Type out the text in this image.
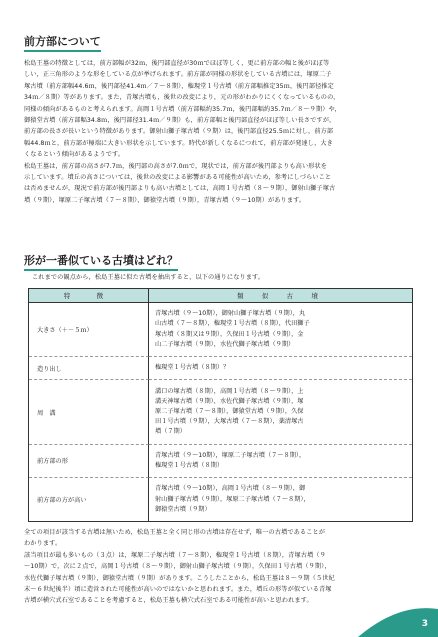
前方部について
松島王墓の特徴としては，前方部幅が32ｍ，後円部直径が30ｍでほぼ等しく，更に前方部の幅と後がほぼ等
しい，正三角形のような形をしている点が挙げられます。前方部が同様の形状をしている古墳には，塚原二子
塚古墳（前方部幅44.6ｍ，後円部径41.4ｍ／７～８期），権現堂１号古墳（前方部幅推定35ｍ，後円部径推定
34ｍ／８期）等があります。また，青塚古墳も，後世の改変により，元の形がわかりにくくなっているものの，
同様の傾向があるものと考えられます。高岡１号古墳（前方部幅約35.7ｍ，後円部幅約35.7ｍ／８～９期）や，
御猿堂古墳（前方部幅34.8ｍ，後円部径31.4ｍ／９期）も，前方部幅と後円部直径がほぼ等しい長さですが，
前方部の長さが長いという特徴があります。御射山獅子塚古墳（９期）は，後円部直径25.5ｍに対し，前方部
幅44.8ｍと，前方部が極端に大きい形状を示しています。時代が新しくなるにつれて，前方部が発達し，大き
くなるという傾向があるようです。
松島王墓は，前方部の高さが7.7ｍ，後円部の高さが7.0ｍで，現状では，前方部が後円部よりも高い形状を
示しています。墳丘の高さについては，後世の改変による影響がある可能性が高いため，参考にしづらいこと
は否めませんが，現況で前方部が後円部よりも高い古墳としては，高岡１号古墳（８～９期），御射山獅子塚古
墳（９期），塚原二子塚古墳（７～８期），御猿堂古墳（９期），青塚古墳（９～10期）があります。
形が一番似ている古墳はどれ？
これまでの観点から，松島王墓に似た古墳を抽出すると，以下の通りになります。
特　徴	類　似　古　墳
大きさ（＋－５ｍ）
青塚古墳（９～10期），御射山獅子塚古墳（９期），丸
山古墳（７～８期），権現堂１号古墳（８期），代田獅子
塚古墳（８期又は９期），久保田１号古墳（９期），金
山二子塚古墳（９期），水佐代獅子塚古墳（９期）
造り出し	権現堂１号古墳（８期）？
周　溝
溝口の塚古墳（８期），高岡１号古墳（８～９期），上
溝天神塚古墳（９期），水佐代獅子塚古墳（９期），塚
原二子塚古墳（７～８期），御猿堂古墳（９期），久保
田１号古墳（９期），大塚古墳（７～８期），薬清塚古
墳（７期）
前方部の形
青塚古墳（９～10期），塚原二子塚古墳（７～８期），
権現堂１号古墳（８期）
前方部の方が高い
青塚古墳（９～10期），高岡１号古墳（８～９期），御
射山獅子塚古墳（９期），塚原二子塚古墳（７～８期），
御猿堂古墳（９期）
全ての項目が該当する古墳は無いため，松島王墓と全く同じ形の古墳は存在せず，唯一の古墳であることが
わかります。
該当項目が最も多いもの（３点）は，塚原二子塚古墳（７～８期），権現堂１号古墳（８期），青塚古墳（９
～10期）で，次に２点で，高岡１号古墳（８～９期），御射山獅子塚古墳（９期），久保田１号古墳（９期），
水佐代獅子塚古墳（９期），御猿堂古墳（９期）があります。こうしたことから，松島王墓は８～９期（５世紀
末～６世紀後半）頃に造営された可能性が高いのではないかと思われます。また，墳丘の形等が似ている青塚
古墳が横穴式石室であることを考慮すると，松島王墓も横穴式石室である可能性が高いと思われます。
3
